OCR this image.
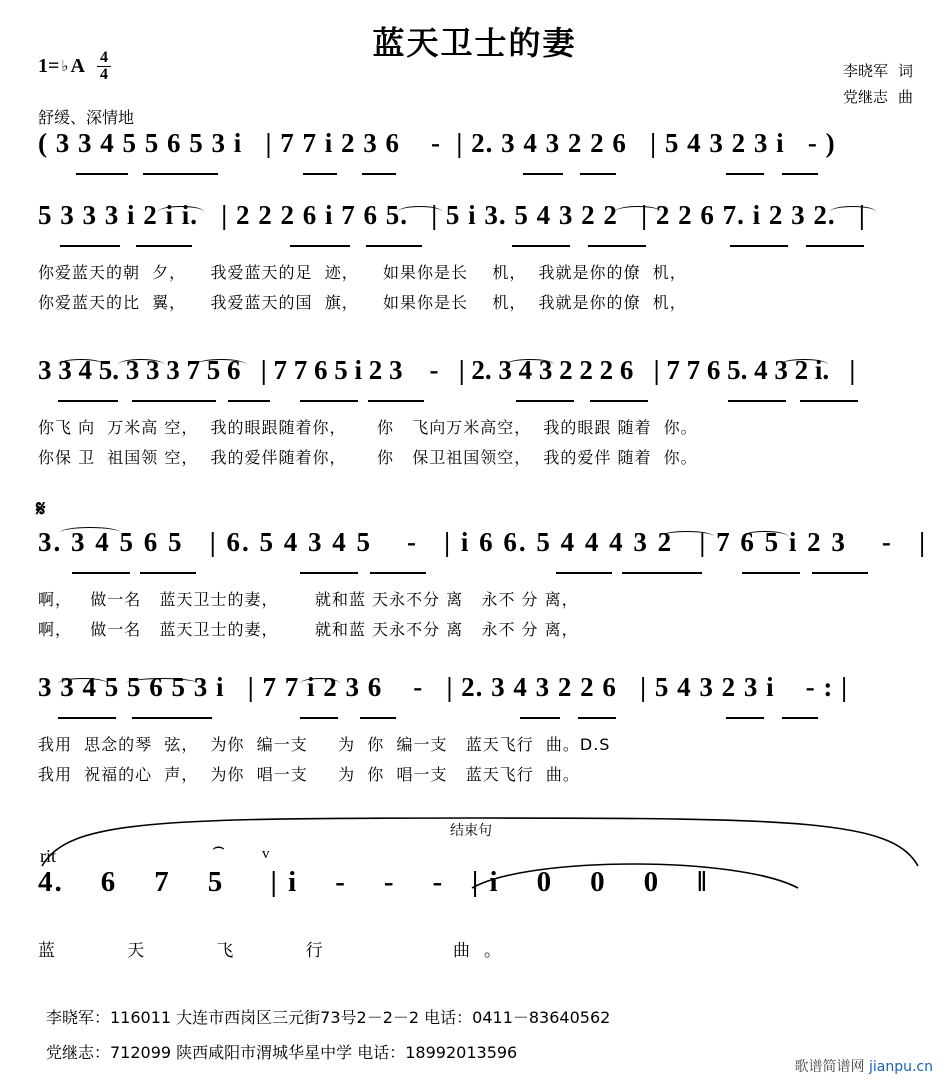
蓝天卫士的妻
1= ♭ A 4
4
舒缓、深情地
李晓军 词
党继志 曲
( 3 3 4 5 5 6 5 3 i   | 7 7 i 2 3 6    -  | 2. 3 4 3 2 2 6   | 5 4 3 2 3 i   - )
5 3 3 3 i 2 i i.   | 2 2 2 6 i 7 6 5.   | 5 i 3. 5 4 3 2 2   | 2 2 6 7. i 2 3 2.   |
你爱蓝天的朝  夕，    我爱蓝天的足  迹，    如果你是长    机，  我就是你的僚  机，
你爱蓝天的比  翼，    我爱蓝天的国  旗，    如果你是长    机，  我就是你的僚  机，
3 3 4 5. 3 3 3 7 5 6   | 7 7 6 5 i 2 3    -   | 2. 3 4 3 2 2 2 6   | 7 7 6 5. 4 3 2 i.   |
你飞 向  万米高 空，  我的眼跟随着你，     你   飞向万米高空，  我的眼跟 随着  你。
你保 卫  祖国领 空，  我的爱伴随着你，     你   保卫祖国领空，  我的爱伴 随着  你。
𝄋
3. 3 4 5 6 5   | 6. 5 4 3 4 5    -   | i 6 6. 5 4 4 4 3 2   | 7 6 5 i 2 3    -   |
啊，   做一名   蓝天卫士的妻，      就和蓝 天永不分 离   永不 分 离，
啊，   做一名   蓝天卫士的妻，      就和蓝 天永不分 离   永不 分 离，
3 3 4 5 5 6 5 3 i   | 7 7 i 2 3 6    -   | 2. 3 4 3 2 2 6   | 5 4 3 2 3 i    - : |
我用  思念的琴  弦，  为你  编一支     为  你  编一支   蓝天飞行  曲。D.S
我用  祝福的心  声，  为你  唱一支     为  你  唱一支   蓝天飞行  曲。
结束句
rit	ᴠ
⌢
4.    6    7    5     | i    -    -    -   | i    0    0    0    ‖
蓝   天   飞   行      曲。
李晓军：116011 大连市西岗区三元街73号2－2－2 电话：0411－83640562
党继志：712099 陕西咸阳市渭城华星中学 电话：18992013596
歌谱简谱网 jianpu.cn
